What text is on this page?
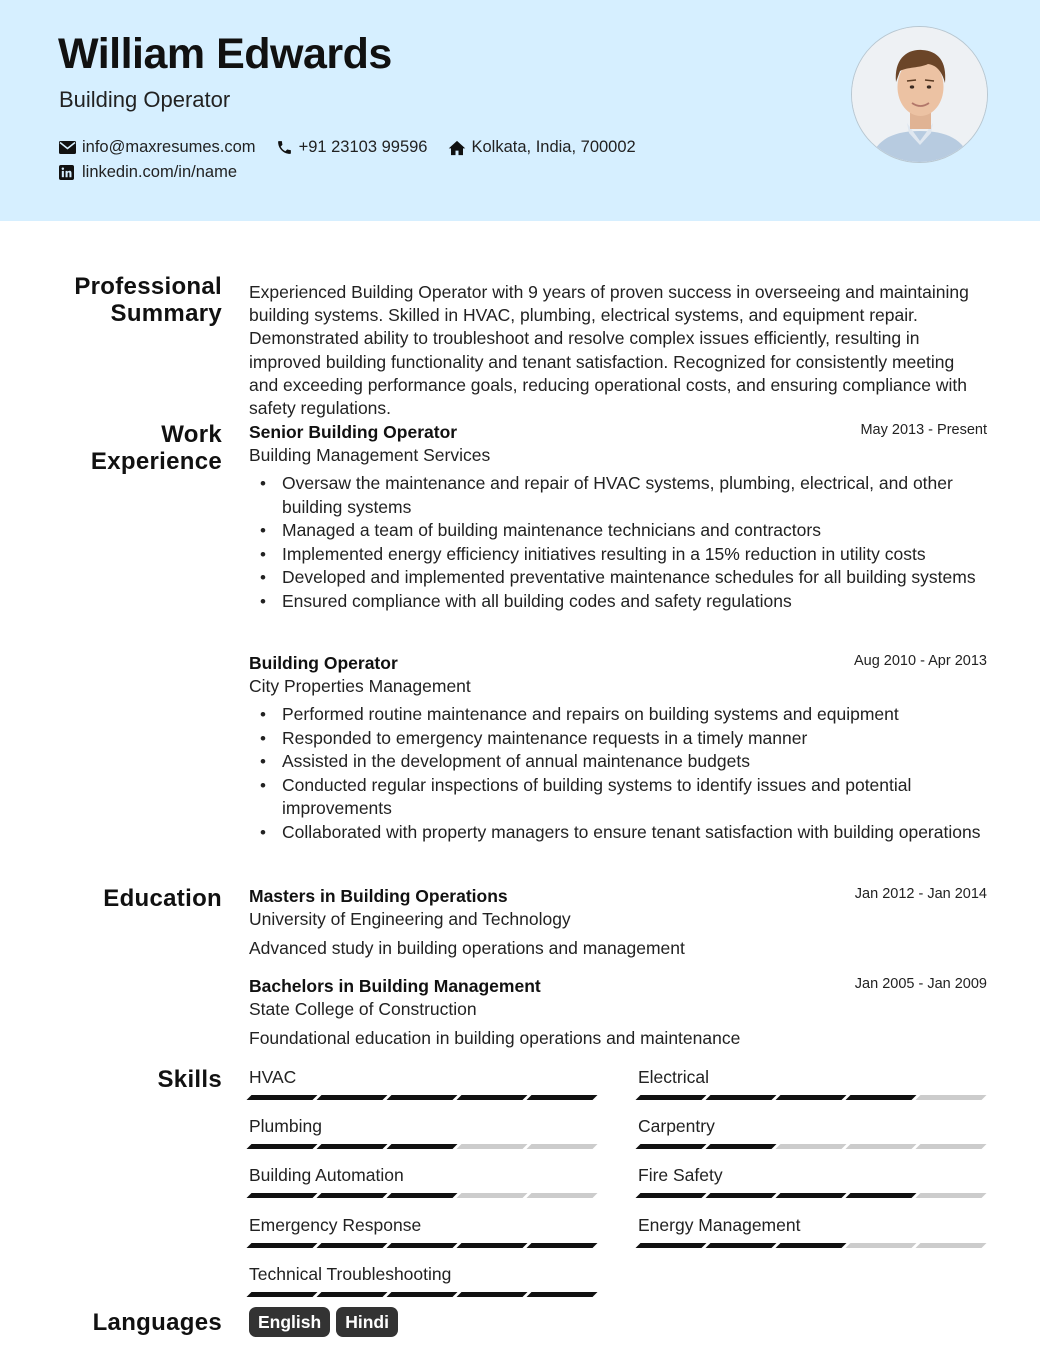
William Edwards
Building Operator
info@maxresumes.com	+91 23103 99596	Kolkata, India, 700002
linkedin.com/in/name
Professional
Summary
Experienced Building Operator with 9 years of proven success in overseeing and maintaining building systems. Skilled in HVAC, plumbing, electrical systems, and equipment repair. Demonstrated ability to troubleshoot and resolve complex issues efficiently, resulting in improved building functionality and tenant satisfaction. Recognized for consistently meeting and exceeding performance goals, reducing operational costs, and ensuring compliance with safety regulations.
Work
Experience
May 2013 - Present
Senior Building Operator
Building Management Services
• Oversaw the maintenance and repair of HVAC systems, plumbing, electrical, and other building systems
• Managed a team of building maintenance technicians and contractors
• Implemented energy efficiency initiatives resulting in a 15% reduction in utility costs
• Developed and implemented preventative maintenance schedules for all building systems
• Ensured compliance with all building codes and safety regulations
Aug 2010 - Apr 2013
Building Operator
City Properties Management
• Performed routine maintenance and repairs on building systems and equipment
• Responded to emergency maintenance requests in a timely manner
• Assisted in the development of annual maintenance budgets
• Conducted regular inspections of building systems to identify issues and potential improvements
• Collaborated with property managers to ensure tenant satisfaction with building operations
Education	Jan 2012 - Jan 2014
Masters in Building Operations
University of Engineering and Technology
Advanced study in building operations and management
Jan 2005 - Jan 2009
Bachelors in Building Management
State College of Construction
Foundational education in building operations and maintenance
Skills HVAC	Electrical
Plumbing	Carpentry
Building Automation	Fire Safety
Emergency Response	Energy Management
Technical Troubleshooting
Languages	English	Hindi
